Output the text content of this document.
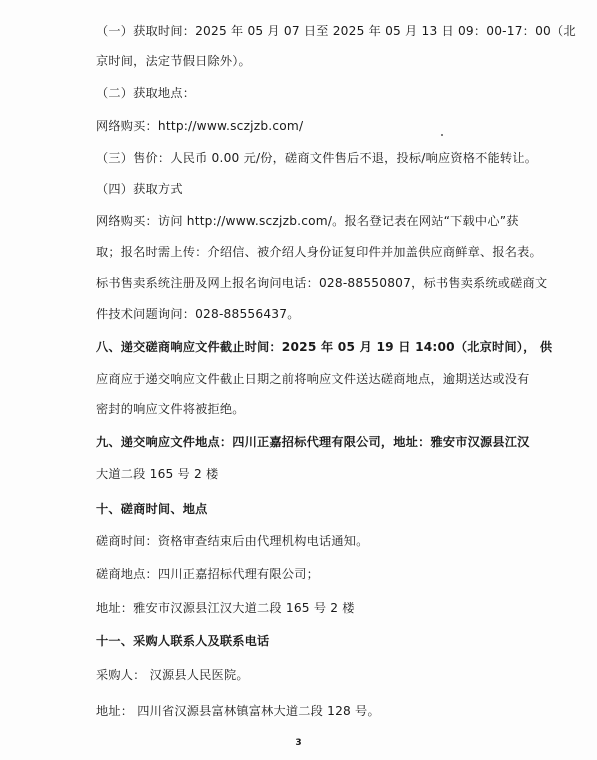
（一）获取时间：2025 年 05 月 07 日至 2025 年 05 月 13 日 09：00-17：00（北
京时间，法定节假日除外）。
（二）获取地点：
网络购买：http://www.sczjzb.com/
（三）售价：人民币 0.00 元/份，磋商文件售后不退，投标/响应资格不能转让。
（四）获取方式
网络购买：访问 http://www.sczjzb.com/。报名登记表在网站“下载中心”获
取；报名时需上传：介绍信、被介绍人身份证复印件并加盖供应商鲜章、报名表。
标书售卖系统注册及网上报名询问电话：028-88550807，标书售卖系统或磋商文
件技术问题询问：028-88556437。
八、递交磋商响应文件截止时间：2025 年 05 月 19 日 14:00（北京时间）， 供
应商应于递交响应文件截止日期之前将响应文件送达磋商地点，逾期送达或没有
密封的响应文件将被拒绝。
九、递交响应文件地点：四川正嘉招标代理有限公司，地址：雅安市汉源县江汉
大道二段 165 号 2 楼
十、磋商时间、地点
磋商时间：资格审查结束后由代理机构电话通知。
磋商地点：四川正嘉招标代理有限公司；
地址：雅安市汉源县江汉大道二段 165 号 2 楼
十一、采购人联系人及联系电话
采购人： 汉源县人民医院。
地址： 四川省汉源县富林镇富林大道二段 128 号。
3
